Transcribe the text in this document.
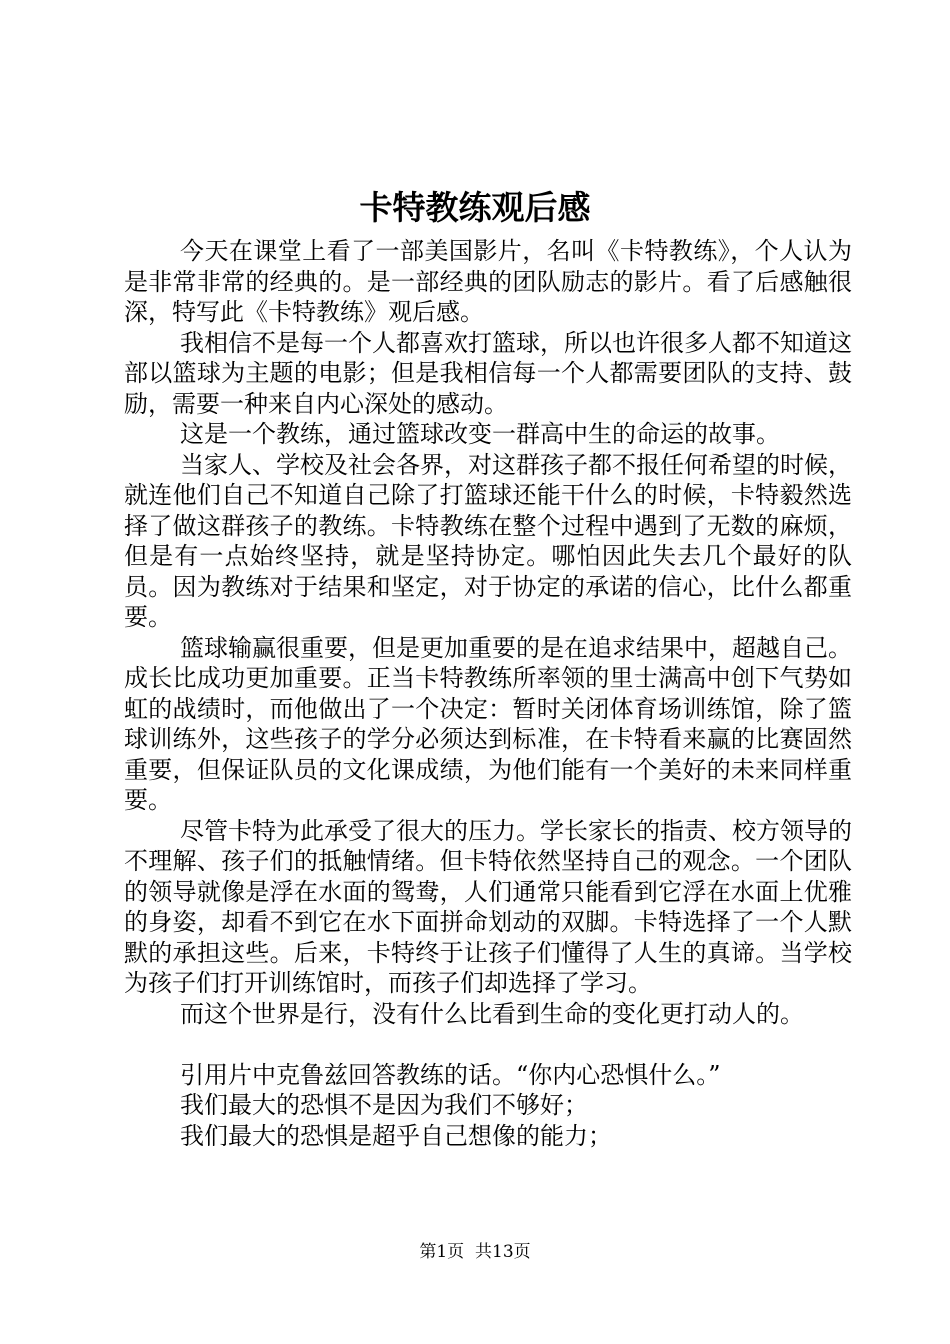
卡特教练观后感

今天在课堂上看了一部美国影片，名叫《卡特教练》，个人认为是非常非常的经典的。是一部经典的团队励志的影片。看了后感触很深，特写此《卡特教练》观后感。

我相信不是每一个人都喜欢打篮球，所以也许很多人都不知道这部以篮球为主题的电影；但是我相信每一个人都需要团队的支持、鼓励，需要一种来自内心深处的感动。

这是一个教练，通过篮球改变一群高中生的命运的故事。

当家人、学校及社会各界，对这群孩子都不报任何希望的时候，就连他们自己不知道自己除了打篮球还能干什么的时候，卡特毅然选择了做这群孩子的教练。卡特教练在整个过程中遇到了无数的麻烦，但是有一点始终坚持，就是坚持协定。哪怕因此失去几个最好的队员。因为教练对于结果和坚定，对于协定的承诺的信心，比什么都重要。

篮球输赢很重要，但是更加重要的是在追求结果中，超越自己。成长比成功更加重要。正当卡特教练所率领的里士满高中创下气势如虹的战绩时，而他做出了一个决定：暂时关闭体育场训练馆，除了篮球训练外，这些孩子的学分必须达到标准，在卡特看来赢的比赛固然重要，但保证队员的文化课成绩，为他们能有一个美好的未来同样重要。

尽管卡特为此承受了很大的压力。学长家长的指责、校方领导的不理解、孩子们的抵触情绪。但卡特依然坚持自己的观念。一个团队的领导就像是浮在水面的鸳鸯，人们通常只能看到它浮在水面上优雅的身姿，却看不到它在水下面拼命划动的双脚。卡特选择了一个人默默的承担这些。后来，卡特终于让孩子们懂得了人生的真谛。当学校为孩子们打开训练馆时，而孩子们却选择了学习。

而这个世界是行，没有什么比看到生命的变化更打动人的。

引用片中克鲁兹回答教练的话。“你内心恐惧什么。”

我们最大的恐惧不是因为我们不够好；

我们最大的恐惧是超乎自己想像的能力；

第1页 共13页
